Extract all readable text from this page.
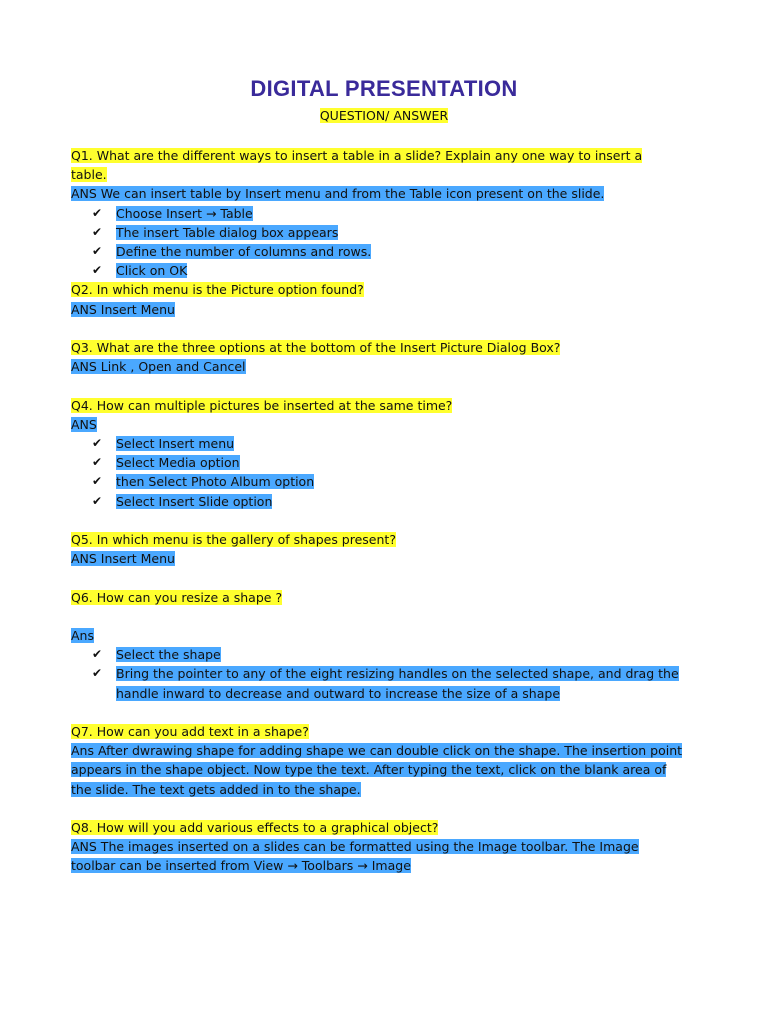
DIGITAL PRESENTATION
QUESTION/ ANSWER
Q1. What are the different ways to insert a table in a slide? Explain any one way to insert a
table.
ANS We can insert table by Insert menu and from the Table icon present on the slide.
✔ Choose Insert → Table
✔ The insert Table dialog box appears
✔ Define the number of columns and rows.
✔ Click on OK
Q2. In which menu is the Picture option found?
ANS Insert Menu
Q3. What are the three options at the bottom of the Insert Picture Dialog Box?
ANS Link , Open and Cancel
Q4. How can multiple pictures be inserted at the same time?
ANS
✔ Select Insert menu
✔ Select Media option
✔ then Select Photo Album option
✔ Select Insert Slide option
Q5. In which menu is the gallery of shapes present?
ANS Insert Menu
Q6. How can you resize a shape ?
Ans
✔ Select the shape
✔ Bring the pointer to any of the eight resizing handles on the selected shape, and drag the
handle inward to decrease and outward to increase the size of a shape
Q7. How can you add text in a shape?
Ans After dwrawing shape for adding shape we can double click on the shape. The insertion point
appears in the shape object. Now type the text. After typing the text, click on the blank area of
the slide. The text gets added in to the shape.
Q8. How will you add various effects to a graphical object?
ANS The images inserted on a slides can be formatted using the Image toolbar. The Image
toolbar can be inserted from View → Toolbars → Image
